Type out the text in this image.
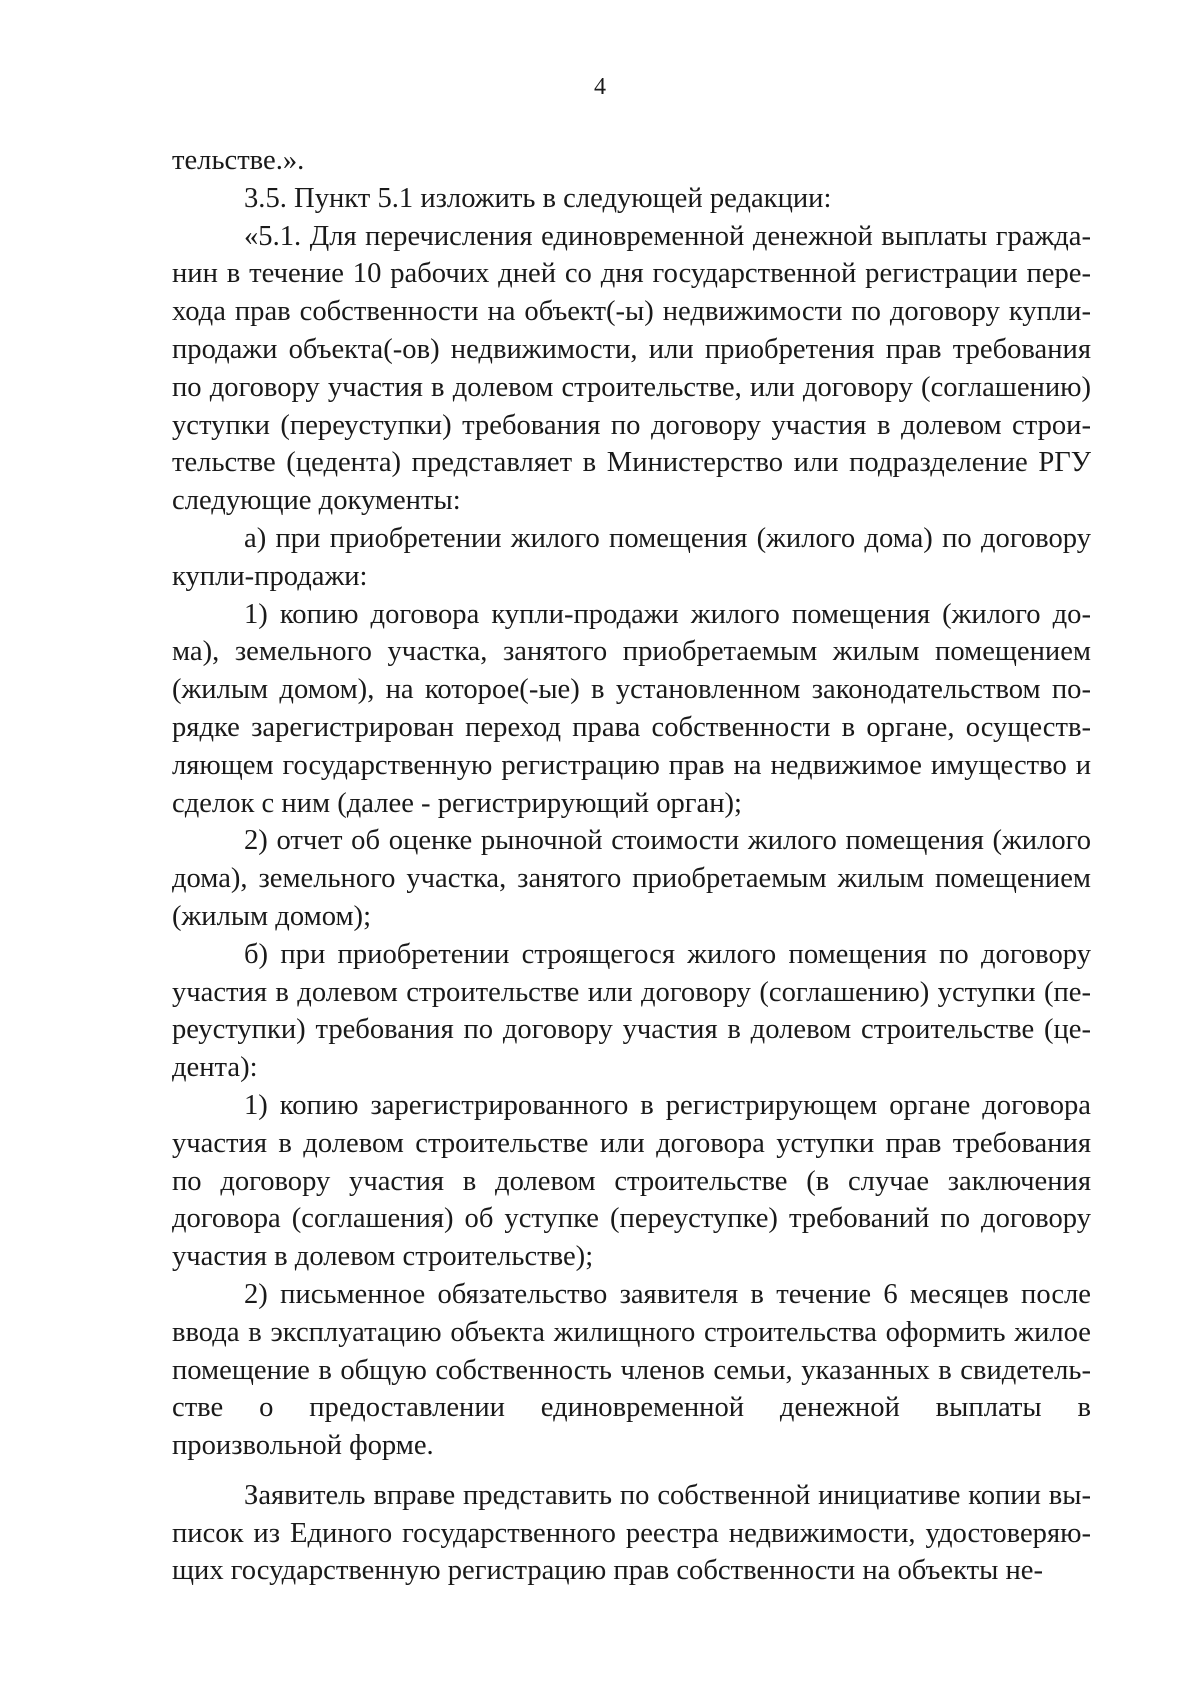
4

тельстве.».

3.5. Пункт 5.1 изложить в следующей редакции:

«5.1. Для перечисления единовременной денежной выплаты граждa- нин в течение 10 рабочих дней со дня государственной регистрации пере- хода прав собственности на объект(-ы) недвижимости по договору купли- продажи объекта(-ов) недвижимости, или приобретения прав требования по договору участия в долевом строительстве, или договору (соглашению) уступки (переуступки) требования по договору участия в долевом строи- тельстве (цедента) представляет в Министерство или подразделение РГУ следующие документы:

а) при приобретении жилого помещения (жилого дома) по договору купли-продажи:

1) копию договора купли-продажи жилого помещения (жилого до- ма), земельного участка, занятого приобретаемым жилым помещением (жилым домом), на которое(-ые) в установленном законодательством по- рядке зарегистрирован переход права собственности в органе, осуществ- ляющем государственную регистрацию прав на недвижимое имущество и сделок с ним (далее - регистрирующий орган);

2) отчет об оценке рыночной стоимости жилого помещения (жилого дома), земельного участка, занятого приобретаемым жилым помещением (жилым домом);

б) при приобретении строящегося жилого помещения по договору участия в долевом строительстве или договору (соглашению) уступки (пе- реуступки) требования по договору участия в долевом строительстве (це- дента):

1) копию зарегистрированного в регистрирующем органе договора участия в долевом строительстве или договора уступки прав требования по договору участия в долевом строительстве (в случае заключения договора (соглашения) об уступке (переуступке) требований по договору участия в долевом строительстве);

2) письменное обязательство заявителя в течение 6 месяцев после ввода в эксплуатацию объекта жилищного строительства оформить жилое помещение в общую собственность членов семьи, указанных в свидетель- стве о предоставлении единовременной денежной выплаты в произвольной форме.

Заявитель вправе представить по собственной инициативе копии вы- писок из Единого государственного реестра недвижимости, удостоверяю- щих государственную регистрацию прав собственности на объекты не-
